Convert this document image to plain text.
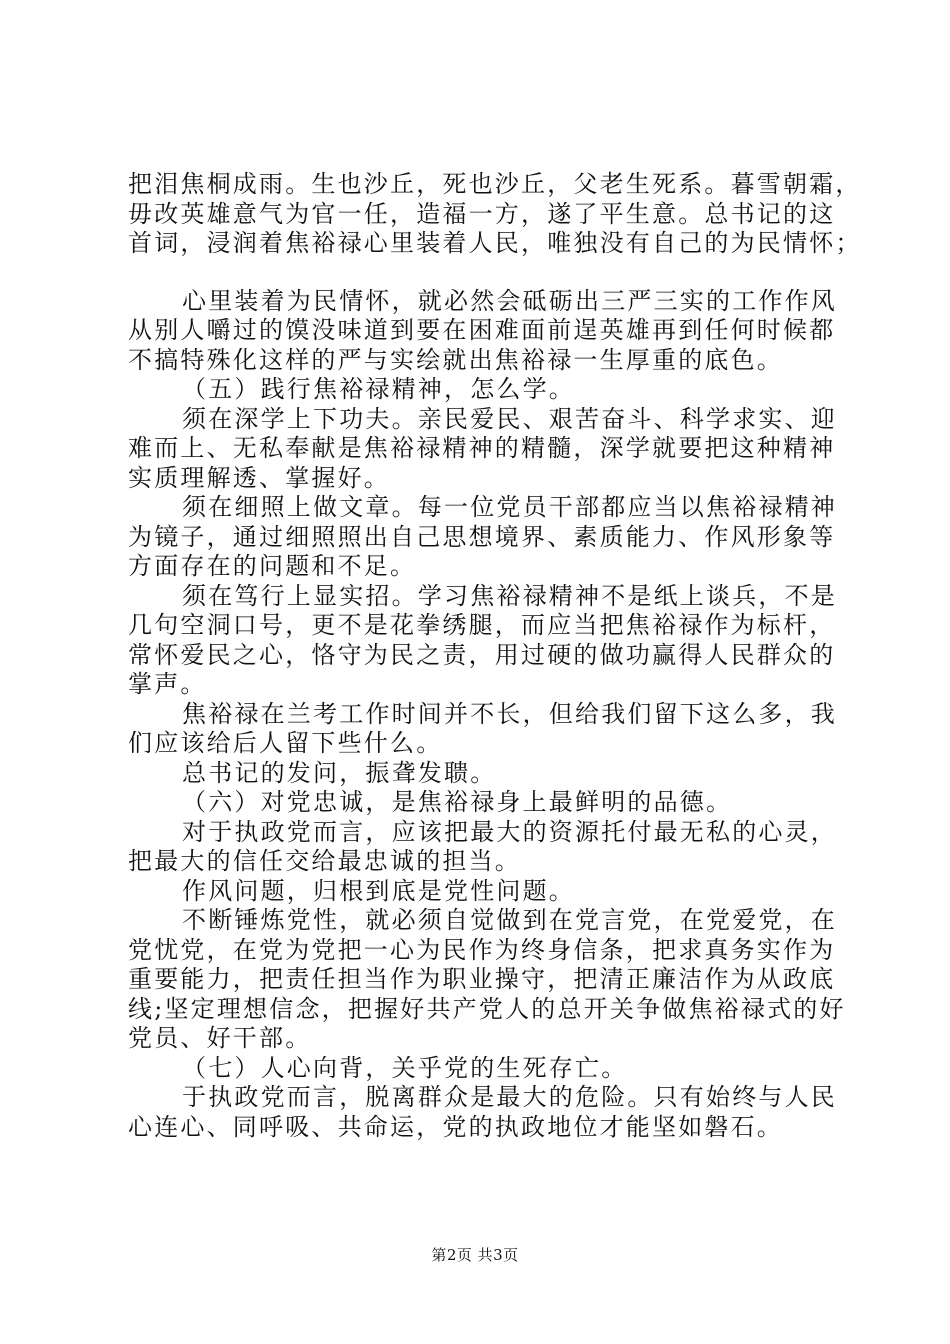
把泪焦桐成雨。生也沙丘，死也沙丘，父老生死系。暮雪朝霜，
毋改英雄意气为官一任，造福一方，遂了平生意。总书记的这
首词，浸润着焦裕禄心里装着人民，唯独没有自己的为民情怀；
心里装着为民情怀，就必然会砥砺出三严三实的工作作风
从别人嚼过的馍没味道到要在困难面前逞英雄再到任何时候都
不搞特殊化这样的严与实绘就出焦裕禄一生厚重的底色。
（五）践行焦裕禄精神，怎么学。
须在深学上下功夫。亲民爱民、艰苦奋斗、科学求实、迎
难而上、无私奉献是焦裕禄精神的精髓，深学就要把这种精神
实质理解透、掌握好。
须在细照上做文章。每一位党员干部都应当以焦裕禄精神
为镜子，通过细照照出自己思想境界、素质能力、作风形象等
方面存在的问题和不足。
须在笃行上显实招。学习焦裕禄精神不是纸上谈兵，不是
几句空洞口号，更不是花拳绣腿，而应当把焦裕禄作为标杆，
常怀爱民之心，恪守为民之责，用过硬的做功赢得人民群众的
掌声。
焦裕禄在兰考工作时间并不长，但给我们留下这么多，我
们应该给后人留下些什么。
总书记的发问，振聋发聩。
（六）对党忠诚，是焦裕禄身上最鲜明的品德。
对于执政党而言，应该把最大的资源托付最无私的心灵，
把最大的信任交给最忠诚的担当。
作风问题，归根到底是党性问题。
不断锤炼党性，就必须自觉做到在党言党，在党爱党，在
党忧党，在党为党把一心为民作为终身信条，把求真务实作为
重要能力，把责任担当作为职业操守，把清正廉洁作为从政底
线;坚定理想信念，把握好共产党人的总开关争做焦裕禄式的好
党员、好干部。
（七）人心向背，关乎党的生死存亡。
于执政党而言，脱离群众是最大的危险。只有始终与人民
心连心、同呼吸、共命运，党的执政地位才能坚如磐石。
第2页 共3页
